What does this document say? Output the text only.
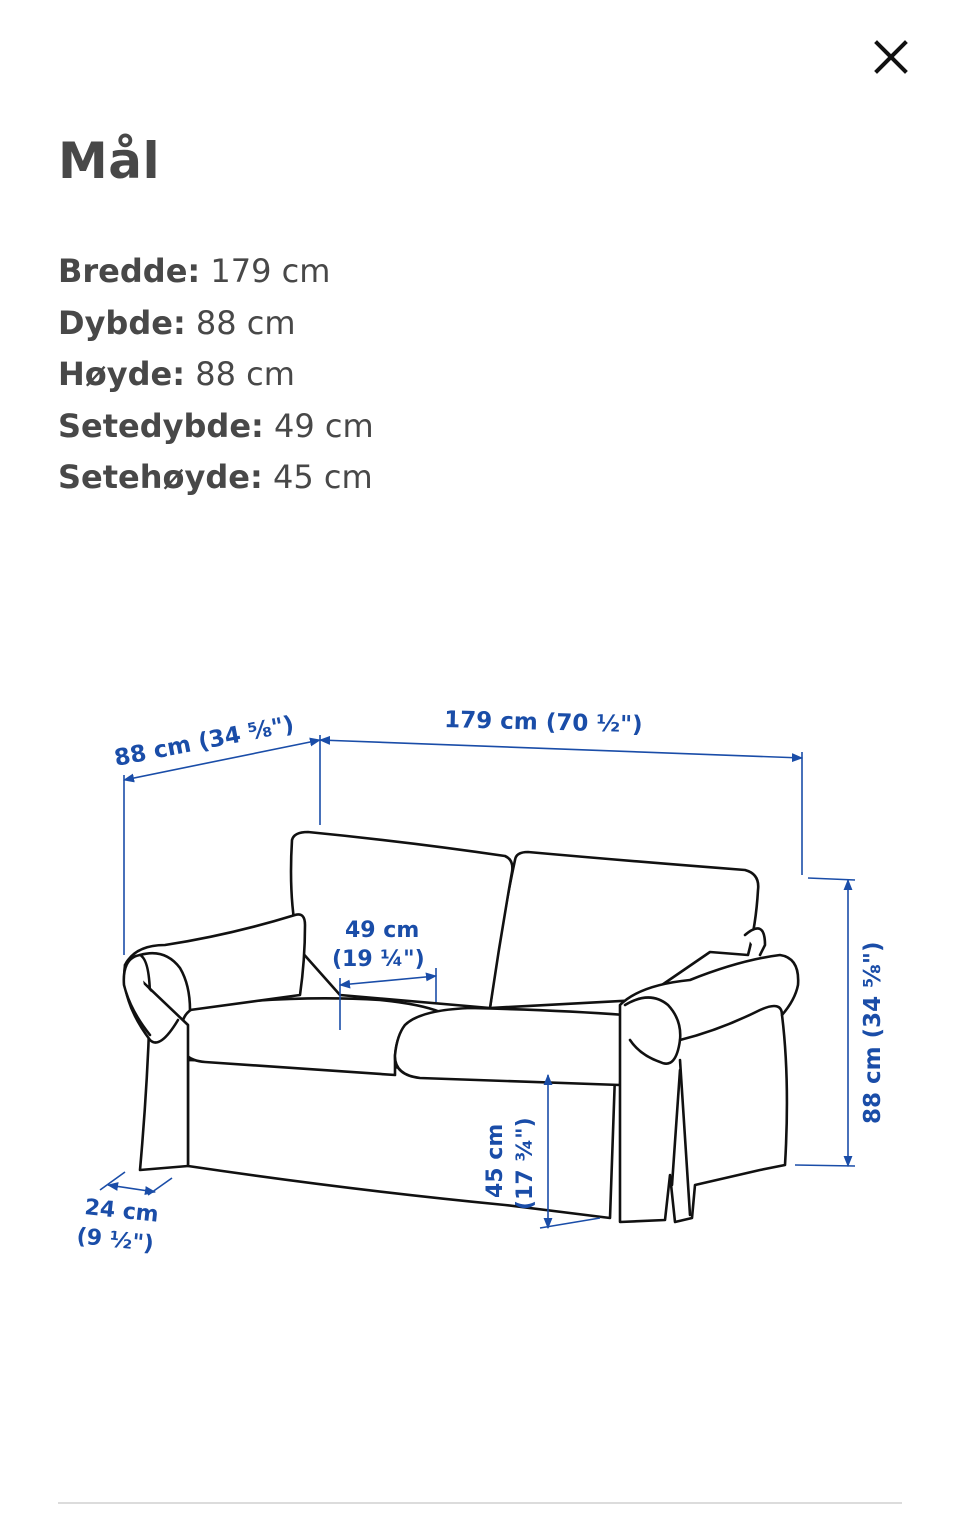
Mål
Bredde: 179 cm
Dybde: 88 cm
Høyde: 88 cm
Setedybde: 49 cm
Setehøyde: 45 cm
88 cm (34 ⅝")	179 cm (70 ½")
49 cm
(19 ¼")	88 cm (34 ⅝")
45 cm (17 ¾")
24 cm
(9 ½")
